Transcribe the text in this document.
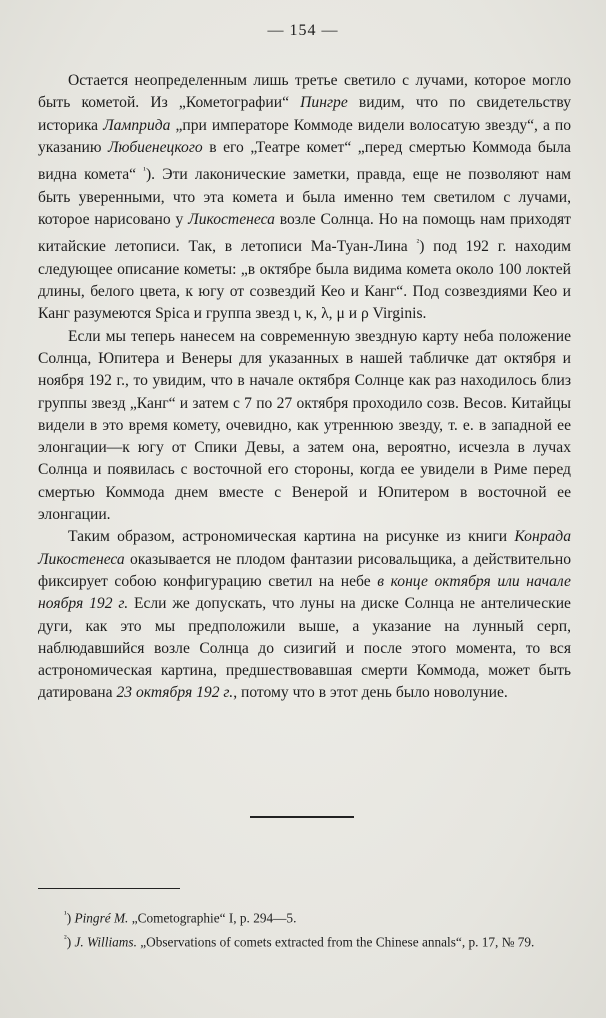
— 154 —

Остается неопределенным лишь третье светило с лучами, которое могло быть кометой. Из „Кометографии“ Пингре видим, что по свидетельству историка Ламприда „при императоре Коммоде видели волосатую звезду“, а по указанию Любиенецкого в его „Театре комет“ „перед смертью Коммода была видна комета“ $^{^1}$). Эти лаконические заметки, правда, еще не позволяют нам быть уверенными, что эта комета и была именно тем светилом с лучами, которое нарисовано у Ликостенеса возле Солнца. Но на помощь нам приходят китайские летописи. Так, в летописи Ма-Туан-Лина $^{^2}$) под 192 г. находим следующее описание кометы: „в октябре была видима комета около 100 локтей длины, белого цвета, к югу от созвездий Кео и Канг“. Под созвездиями Кео и Канг разумеются Spica и группа звезд ι, κ, λ, μ и ρ Virginis.

Если мы теперь нанесем на современную звездную карту неба положение Солнца, Юпитера и Венеры для указанных в нашей табличке дат октября и ноября 192 г., то увидим, что в начале октября Солнце как раз находилось близ группы звезд „Канг“ и затем с 7 по 27 октября проходило созв. Весов. Китайцы видели в это время комету, очевидно, как утреннюю звезду, т. е. в западной ее элонгации—к югу от Спики Девы, а затем она, вероятно, исчезла в лучах Солнца и появилась с восточной его стороны, когда ее увидели в Риме перед смертью Коммода днем вместе с Венерой и Юпитером в восточной ее элонгации.

Таким образом, астрономическая картина на рисунке из книги Конрада Ликостенеса оказывается не плодом фантазии рисовальщика, а действительно фиксирует собою конфигурацию светил на небе в конце октября или начале ноября 192 г. Если же допускать, что луны на диске Солнца не антелические дуги, как это мы предположили выше, а указание на лунный серп, наблюдавшийся возле Солнца до сизигий и после этого момента, то вся астрономическая картина, предшествовавшая смерти Коммода, может быть датирована 23 октября 192 г., потому что в этот день было новолуние.

$^{^1}$) Pingré M. „Cometographie“ I, p. 294—5.

$^{^2}$) J. Williams. „Observations of comets extracted from the Chinese annals“, p. 17, № 79.
